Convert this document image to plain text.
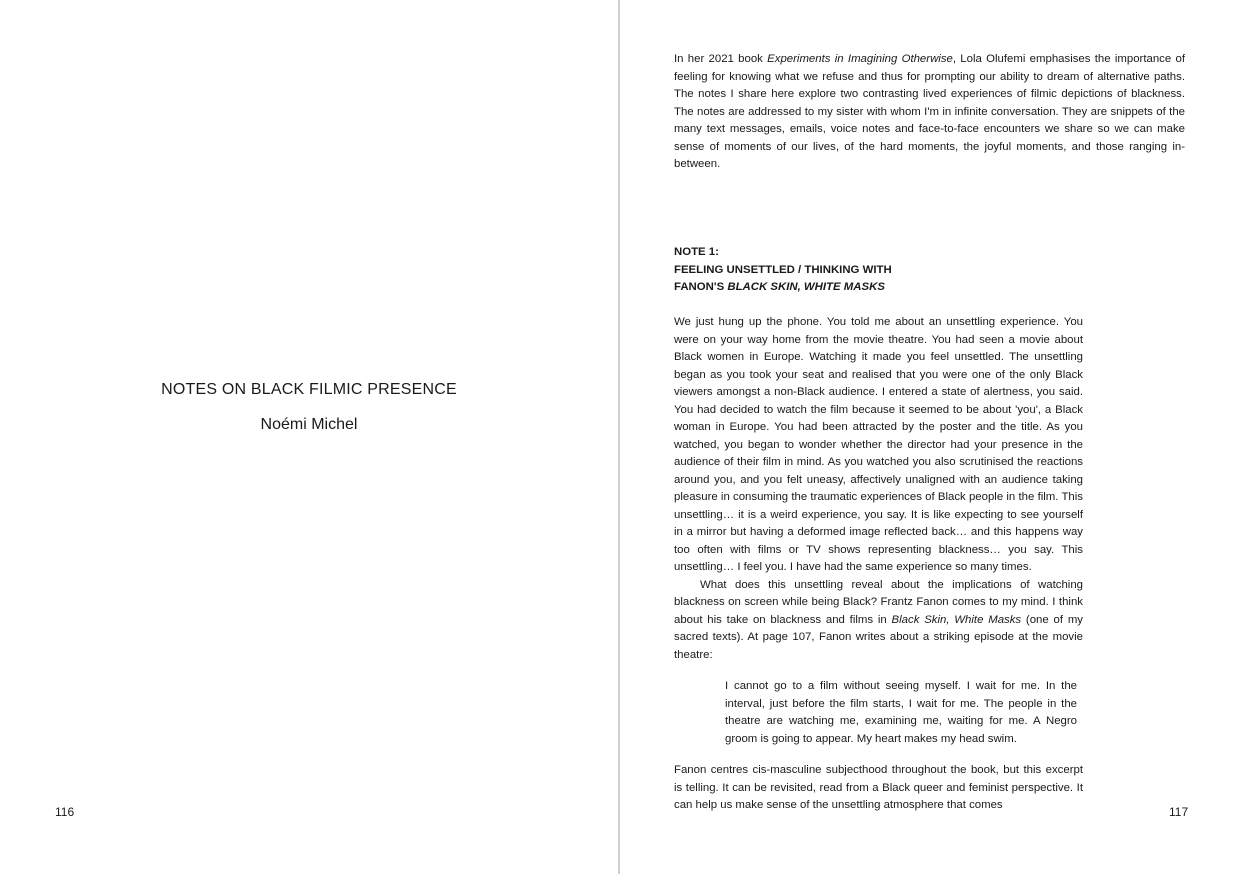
NOTES ON BLACK FILMIC PRESENCE
Noémi Michel
116

In her 2021 book Experiments in Imagining Otherwise, Lola Olufemi emphasises the importance of feeling for knowing what we refuse and thus for prompting our ability to dream of alternative paths. The notes I share here explore two contrasting lived experiences of filmic depictions of blackness. The notes are addressed to my sister with whom I'm in infinite conversation. They are snippets of the many text messages, emails, voice notes and face-to-face encounters we share so we can make sense of moments of our lives, of the hard moments, the joyful moments, and those ranging in-between.

NOTE 1:
FEELING UNSETTLED / THINKING WITH
FANON'S BLACK SKIN, WHITE MASKS

We just hung up the phone. You told me about an unsettling experience. You were on your way home from the movie theatre. You had seen a movie about Black women in Europe. Watching it made you feel unsettled. The unsettling began as you took your seat and realised that you were one of the only Black viewers amongst a non-Black audience. I entered a state of alertness, you said. You had decided to watch the film because it seemed to be about 'you', a Black woman in Europe. You had been attracted by the poster and the title. As you watched, you began to wonder whether the director had your presence in the audience of their film in mind. As you watched you also scrutinised the reactions around you, and you felt uneasy, affectively unaligned with an audience taking pleasure in consuming the traumatic experiences of Black people in the film. This unsettling… it is a weird experience, you say. It is like expecting to see yourself in a mirror but having a deformed image reflected back… and this happens way too often with films or TV shows representing blackness… you say. This unsettling… I feel you. I have had the same experience so many times.

What does this unsettling reveal about the implications of watching blackness on screen while being Black? Frantz Fanon comes to my mind. I think about his take on blackness and films in Black Skin, White Masks (one of my sacred texts). At page 107, Fanon writes about a striking episode at the movie theatre:

I cannot go to a film without seeing myself. I wait for me. In the interval, just before the film starts, I wait for me. The people in the theatre are watching me, examining me, waiting for me. A Negro groom is going to appear. My heart makes my head swim.

Fanon centres cis-masculine subjecthood throughout the book, but this excerpt is telling. It can be revisited, read from a Black queer and feminist perspective. It can help us make sense of the unsettling atmosphere that comes	117
